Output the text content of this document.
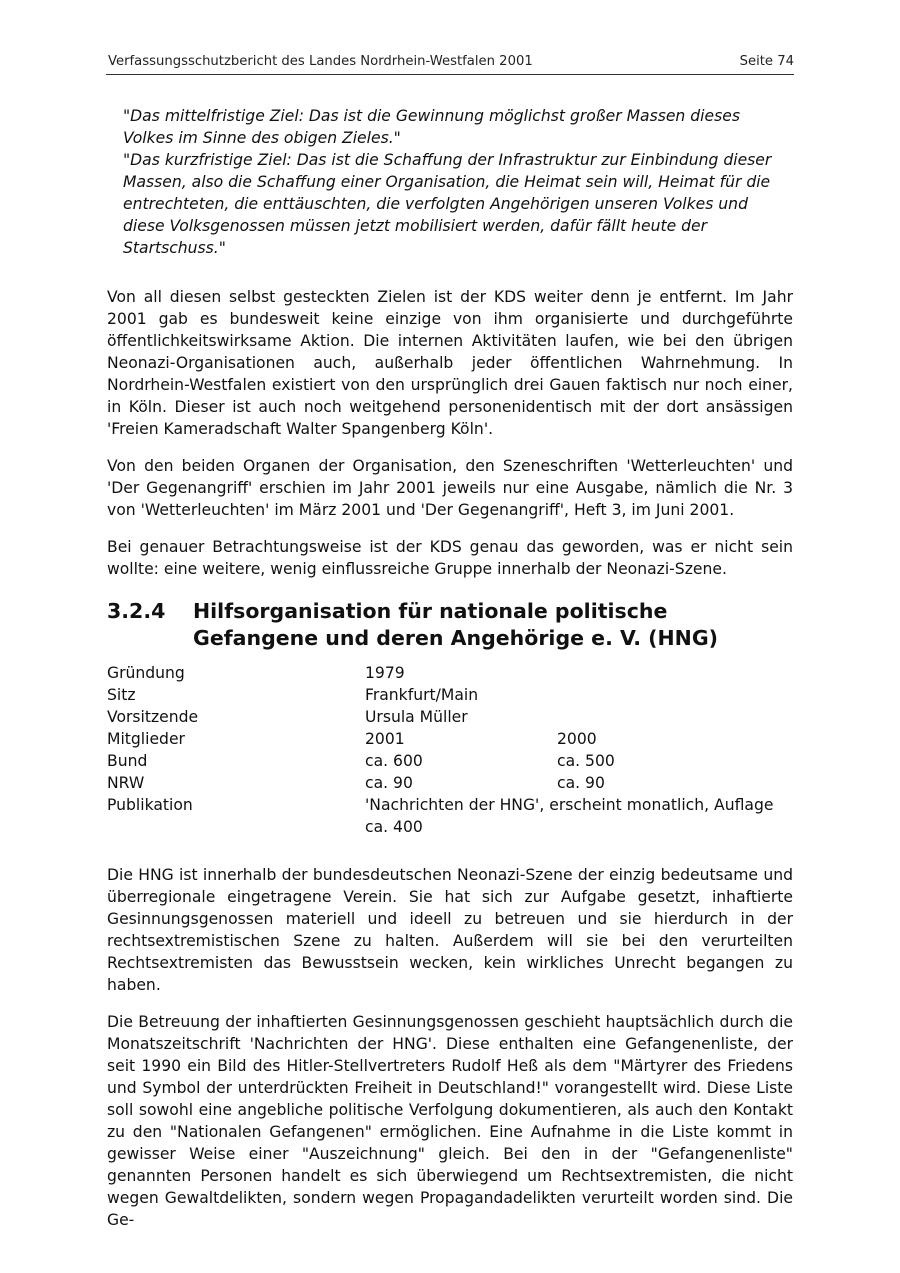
Verfassungsschutzbericht des Landes Nordrhein-Westfalen 2001	Seite 74

"Das mittelfristige Ziel: Das ist die Gewinnung möglichst großer Massen dieses Volkes im Sinne des obigen Zieles."

"Das kurzfristige Ziel: Das ist die Schaffung der Infrastruktur zur Einbindung dieser Massen, also die Schaffung einer Organisation, die Heimat sein will, Heimat für die entrechteten, die enttäuschten, die verfolgten Angehörigen unseren Volkes und diese Volksgenossen müssen jetzt mobilisiert werden, dafür fällt heute der Startschuss."

Von all diesen selbst gesteckten Zielen ist der KDS weiter denn je entfernt. Im Jahr 2001 gab es bundesweit keine einzige von ihm organisierte und durchgeführte öffentlichkeitswirksame Aktion. Die internen Aktivitäten laufen, wie bei den übrigen Neonazi-Organisationen auch, außerhalb jeder öffentlichen Wahrnehmung. In Nordrhein-Westfalen existiert von den ursprünglich drei Gauen faktisch nur noch einer, in Köln. Dieser ist auch noch weitgehend personenidentisch mit der dort ansässigen 'Freien Kameradschaft Walter Spangenberg Köln'.

Von den beiden Organen der Organisation, den Szeneschriften 'Wetterleuchten' und 'Der Gegenangriff' erschien im Jahr 2001 jeweils nur eine Ausgabe, nämlich die Nr. 3 von 'Wetterleuchten' im März 2001 und 'Der Gegenangriff', Heft 3, im Juni 2001.

Bei genauer Betrachtungsweise ist der KDS genau das geworden, was er nicht sein wollte: eine weitere, wenig einflussreiche Gruppe innerhalb der Neonazi-Szene.

3.2.4 Hilfsorganisation für nationale politische Gefangene und deren Angehörige e. V. (HNG)
Gründung	1979	
Sitz	Frankfurt/Main	
Vorsitzende	Ursula Müller	
Mitglieder	2001	2000
Bund	ca. 600	ca. 500
NRW	ca. 90	ca. 90
Publikation	'Nachrichten der HNG', erscheint monatlich, Auflage ca. 400	

Die HNG ist innerhalb der bundesdeutschen Neonazi-Szene der einzig bedeutsame und überregionale eingetragene Verein. Sie hat sich zur Aufgabe gesetzt, inhaftierte Gesinnungsgenossen materiell und ideell zu betreuen und sie hierdurch in der rechtsextremistischen Szene zu halten. Außerdem will sie bei den verurteilten Rechtsextremisten das Bewusstsein wecken, kein wirkliches Unrecht begangen zu haben.

Die Betreuung der inhaftierten Gesinnungsgenossen geschieht hauptsächlich durch die Monatszeitschrift 'Nachrichten der HNG'. Diese enthalten eine Gefangenenliste, der seit 1990 ein Bild des Hitler-Stellvertreters Rudolf Heß als dem "Märtyrer des Friedens und Symbol der unterdrückten Freiheit in Deutschland!" vorangestellt wird. Diese Liste soll sowohl eine angebliche politische Verfolgung dokumentieren, als auch den Kontakt zu den "Nationalen Gefangenen" ermöglichen. Eine Aufnahme in die Liste kommt in gewisser Weise einer "Auszeichnung" gleich. Bei den in der "Gefangenenliste" genannten Personen handelt es sich überwiegend um Rechtsextremisten, die nicht wegen Gewaltdelikten, sondern wegen Propagandadelikten verurteilt worden sind. Die Ge-
